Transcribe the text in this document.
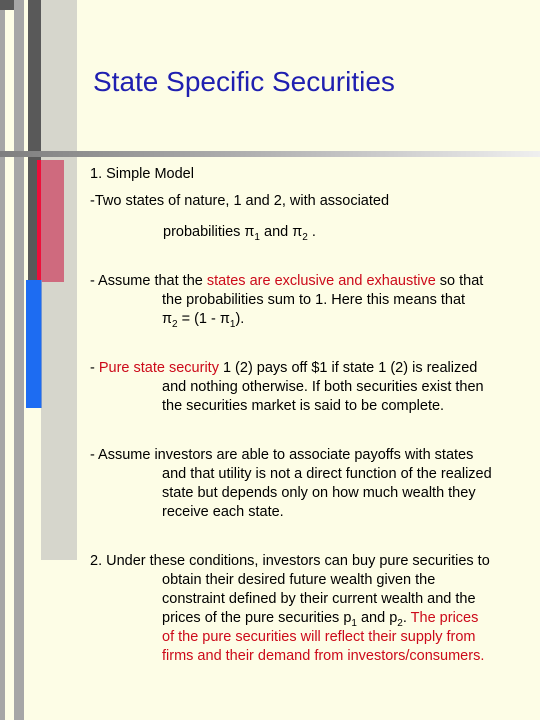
State Specific Securities
1. Simple Model
-Two states of nature, 1 and 2, with associated
probabilities $\pi_1$ and $\pi_2$ .
- Assume that the states are exclusive and exhaustive so that
the probabilities sum to 1. Here this means that
$\pi_2 = (1 - \pi_1)$.
- Pure state security 1 (2) pays off $1 if state 1 (2) is realized
and nothing otherwise. If both securities exist then
the securities market is said to be complete.
- Assume investors are able to associate payoffs with states
and that utility is not a direct function of the realized
state but depends only on how much wealth they
receive each state.
2. Under these conditions, investors can buy pure securities to
obtain their desired future wealth given the
constraint defined by their current wealth and the
prices of the pure securities $p_1$ and $p_2$. The prices
of the pure securities will reflect their supply from
firms and their demand from investors/consumers.
